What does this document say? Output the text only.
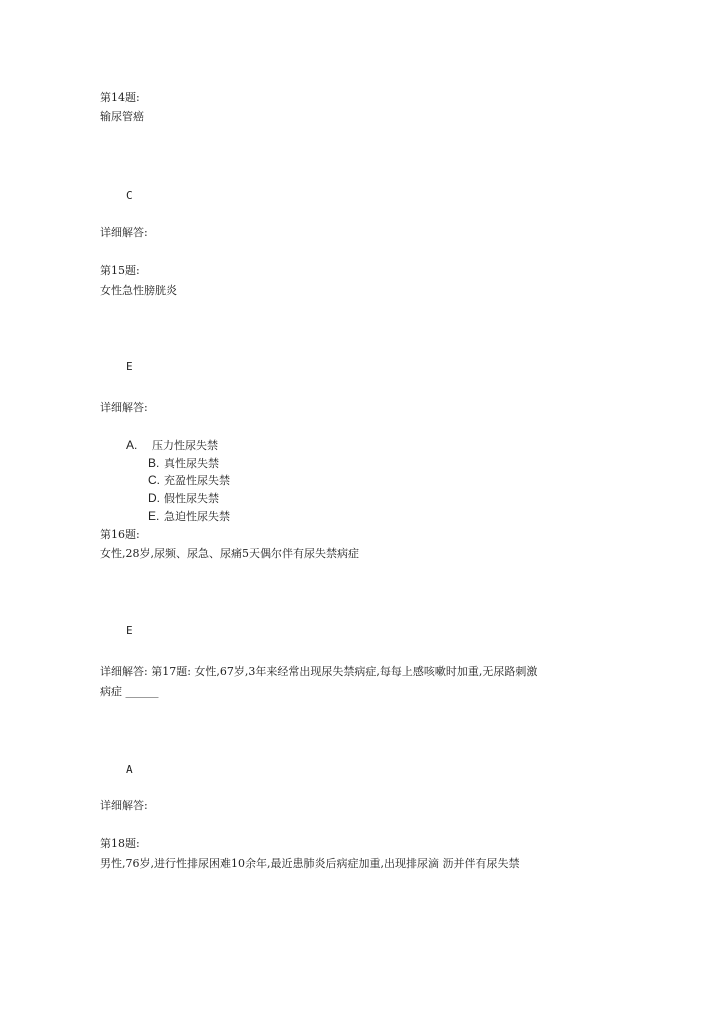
第14题:
输尿管癌
C
详细解答:
第15题:
女性急性膀胱炎
E
详细解答:
A. 压力性尿失禁
B. 真性尿失禁
C. 充盈性尿失禁
D. 假性尿失禁
E. 急迫性尿失禁
第16题:
女性,28岁,尿频、尿急、尿痛5天偶尔伴有尿失禁病症
E
详细解答: 第17题: 女性,67岁,3年来经常出现尿失禁病症,每每上感咳嗽时加重,无尿路刺激
病症 ______
A
详细解答:
第18题:
男性,76岁,进行性排尿困难10余年,最近患肺炎后病症加重,出现排尿滴 沥并伴有尿失禁
